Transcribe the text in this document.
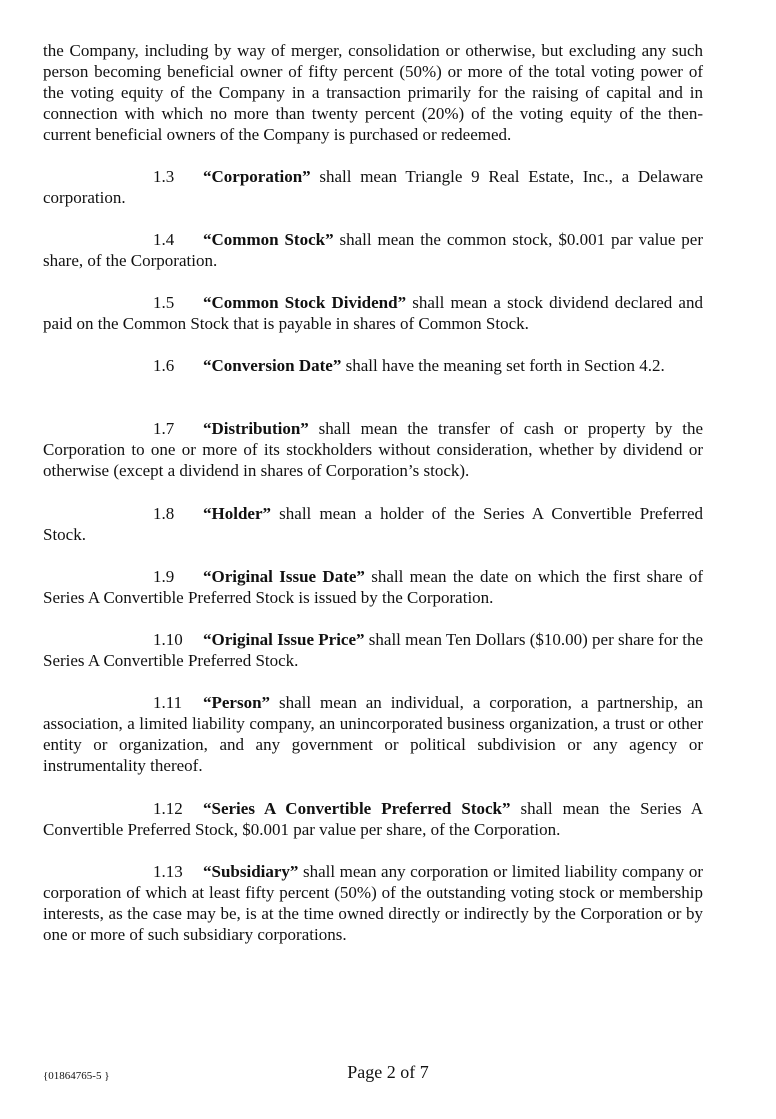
the Company, including by way of merger, consolidation or otherwise, but excluding any such person becoming beneficial owner of fifty percent (50%) or more of the total voting power of the voting equity of the Company in a transaction primarily for the raising of capital and in connection with which no more than twenty percent (20%) of the voting equity of the then-current beneficial owners of the Company is purchased or redeemed.

1.3 “Corporation” shall mean Triangle 9 Real Estate, Inc., a Delaware corporation.

1.4 “Common Stock” shall mean the common stock, $0.001 par value per share, of the Corporation.

1.5 “Common Stock Dividend” shall mean a stock dividend declared and paid on the Common Stock that is payable in shares of Common Stock.

1.6 “Conversion Date” shall have the meaning set forth in Section 4.2.

1.7 “Distribution” shall mean the transfer of cash or property by the Corporation to one or more of its stockholders without consideration, whether by dividend or otherwise (except a dividend in shares of Corporation’s stock).

1.8 “Holder” shall mean a holder of the Series A Convertible Preferred Stock.

1.9 “Original Issue Date” shall mean the date on which the first share of Series A Convertible Preferred Stock is issued by the Corporation.

1.10 “Original Issue Price” shall mean Ten Dollars ($10.00) per share for the Series A Convertible Preferred Stock.

1.11 “Person” shall mean an individual, a corporation, a partnership, an association, a limited liability company, an unincorporated business organization, a trust or other entity or organization, and any government or political subdivision or any agency or instrumentality thereof.

1.12 “Series A Convertible Preferred Stock” shall mean the Series A Convertible Preferred Stock, $0.001 par value per share, of the Corporation.

1.13 “Subsidiary” shall mean any corporation or limited liability company or corporation of which at least fifty percent (50%) of the outstanding voting stock or membership interests, as the case may be, is at the time owned directly or indirectly by the Corporation or by one or more of such subsidiary corporations.

{01864765-5 }	Page 2 of 7
